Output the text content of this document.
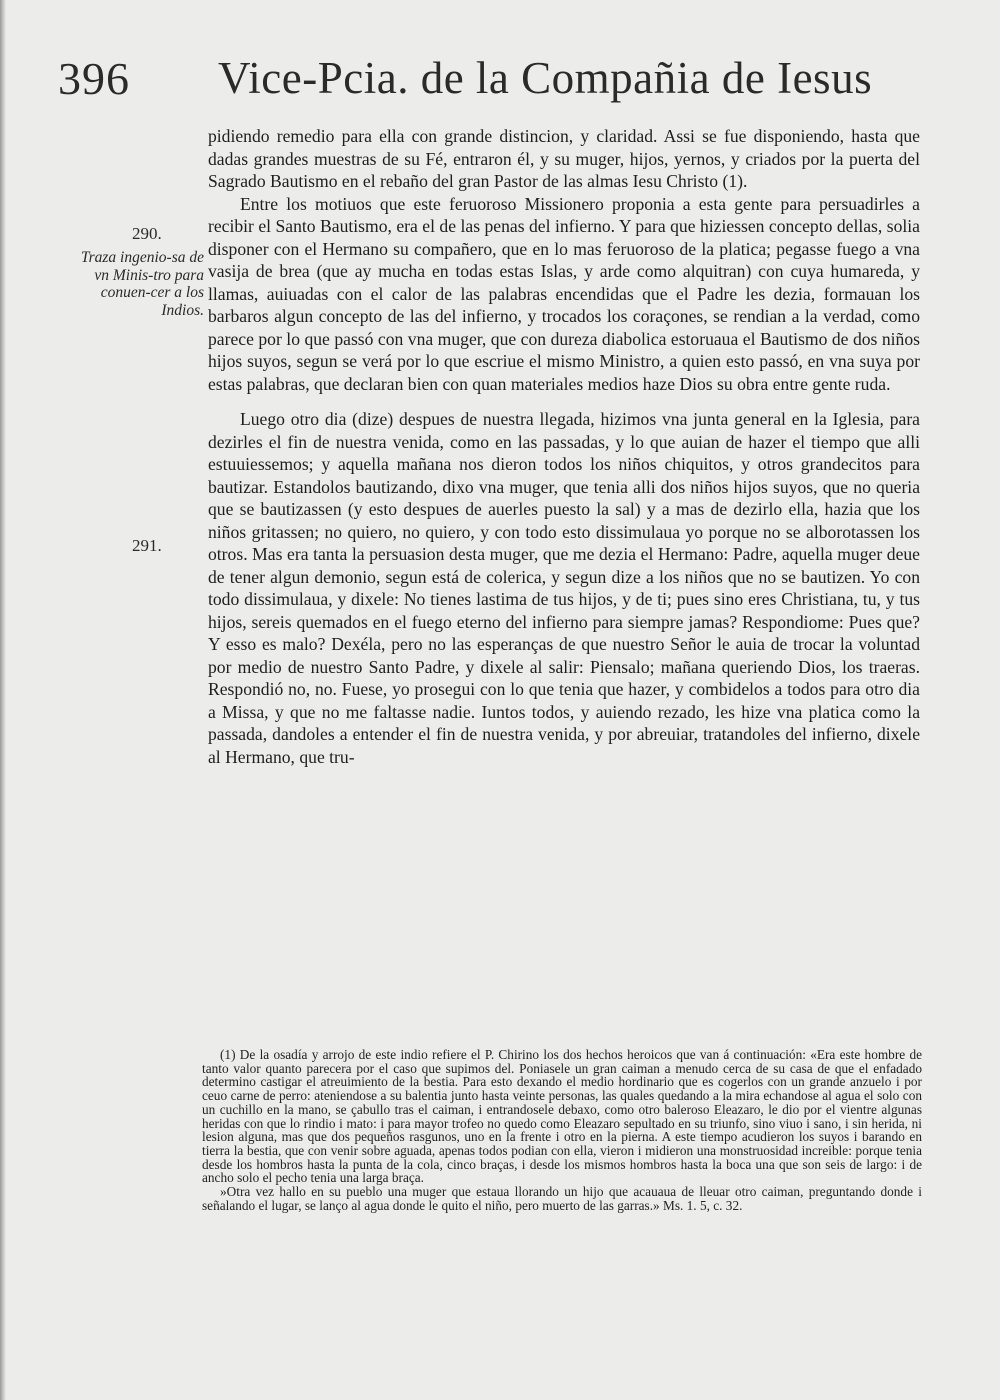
396 Vice-Pcia. de la Compañia de Iesus
290.
Traza ingenio-sa de vn Minis-tro para conuen-cer a los Indios.
291.

pidiendo remedio para ella con grande distincion, y claridad. Assi se fue disponiendo, hasta que dadas grandes muestras de su Fé, entraron él, y su muger, hijos, yernos, y criados por la puerta del Sagrado Bautismo en el rebaño del gran Pastor de las almas Iesu Christo (1).

Entre los motiuos que este feruoroso Missionero proponia a esta gente para persuadirles a recibir el Santo Bautismo, era el de las penas del infierno. Y para que hiziessen concepto dellas, solia disponer con el Hermano su compañero, que en lo mas feruoroso de la platica; pegasse fuego a vna vasija de brea (que ay mucha en todas estas Islas, y arde como alquitran) con cuya humareda, y llamas, auiuadas con el calor de las palabras encendidas que el Padre les dezia, formauan los barbaros algun concepto de las del infierno, y trocados los coraçones, se rendian a la verdad, como parece por lo que passó con vna muger, que con dureza diabolica estoruaua el Bautismo de dos niños hijos suyos, segun se verá por lo que escriue el mismo Ministro, a quien esto passó, en vna suya por estas palabras, que declaran bien con quan materiales medios haze Dios su obra entre gente ruda.

Luego otro dia (dize) despues de nuestra llegada, hizimos vna junta general en la Iglesia, para dezirles el fin de nuestra venida, como en las passadas, y lo que auian de hazer el tiempo que alli estuuiessemos; y aquella mañana nos dieron todos los niños chiquitos, y otros grandecitos para bautizar. Estandolos bautizando, dixo vna muger, que tenia alli dos niños hijos suyos, que no queria que se bautizassen (y esto despues de auerles puesto la sal) y a mas de dezirlo ella, hazia que los niños gritassen; no quiero, no quiero, y con todo esto dissimulaua yo porque no se alborotassen los otros. Mas era tanta la persuasion desta muger, que me dezia el Hermano: Padre, aquella muger deue de tener algun demonio, segun está de colerica, y segun dize a los niños que no se bautizen. Yo con todo dissimulaua, y dixele: No tienes lastima de tus hijos, y de ti; pues sino eres Christiana, tu, y tus hijos, sereis quemados en el fuego eterno del infierno para siempre jamas? Respondiome: Pues que? Y esso es malo? Dexéla, pero no las esperanças de que nuestro Señor le auia de trocar la voluntad por medio de nuestro Santo Padre, y dixele al salir: Piensalo; mañana queriendo Dios, los traeras. Respondió no, no. Fuese, yo prosegui con lo que tenia que hazer, y combidelos a todos para otro dia a Missa, y que no me faltasse nadie. Iuntos todos, y auiendo rezado, les hize vna platica como la passada, dandoles a entender el fin de nuestra venida, y por abreuiar, tratandoles del infierno, dixele al Hermano, que tru-

(1) De la osadía y arrojo de este indio refiere el P. Chirino los dos hechos heroicos que van á continuación: «Era este hombre de tanto valor quanto parecera por el caso que supimos del. Poniasele un gran caiman a menudo cerca de su casa de que el enfadado determino castigar el atreuimiento de la bestia. Para esto dexando el medio hordinario que es cogerlos con un grande anzuelo i por ceuo carne de perro: ateniendose a su balentia junto hasta veinte personas, las quales quedando a la mira echandose al agua el solo con un cuchillo en la mano, se çabullo tras el caiman, i entrandosele debaxo, como otro baleroso Eleazaro, le dio por el vientre algunas heridas con que lo rindio i mato: i para mayor trofeo no quedo como Eleazaro sepultado en su triunfo, sino viuo i sano, i sin herida, ni lesion alguna, mas que dos pequeños rasgunos, uno en la frente i otro en la pierna. A este tiempo acudieron los suyos i barando en tierra la bestia, que con venir sobre aguada, apenas todos podian con ella, vieron i midieron una monstruosidad increible: porque tenia desde los hombros hasta la punta de la cola, cinco braças, i desde los mismos hombros hasta la boca una que son seis de largo: i de ancho solo el pecho tenia una larga braça.

»Otra vez hallo en su pueblo una muger que estaua llorando un hijo que acauaua de lleuar otro caiman, preguntando donde i señalando el lugar, se lanço al agua donde le quito el niño, pero muerto de las garras.» Ms. 1. 5, c. 32.
